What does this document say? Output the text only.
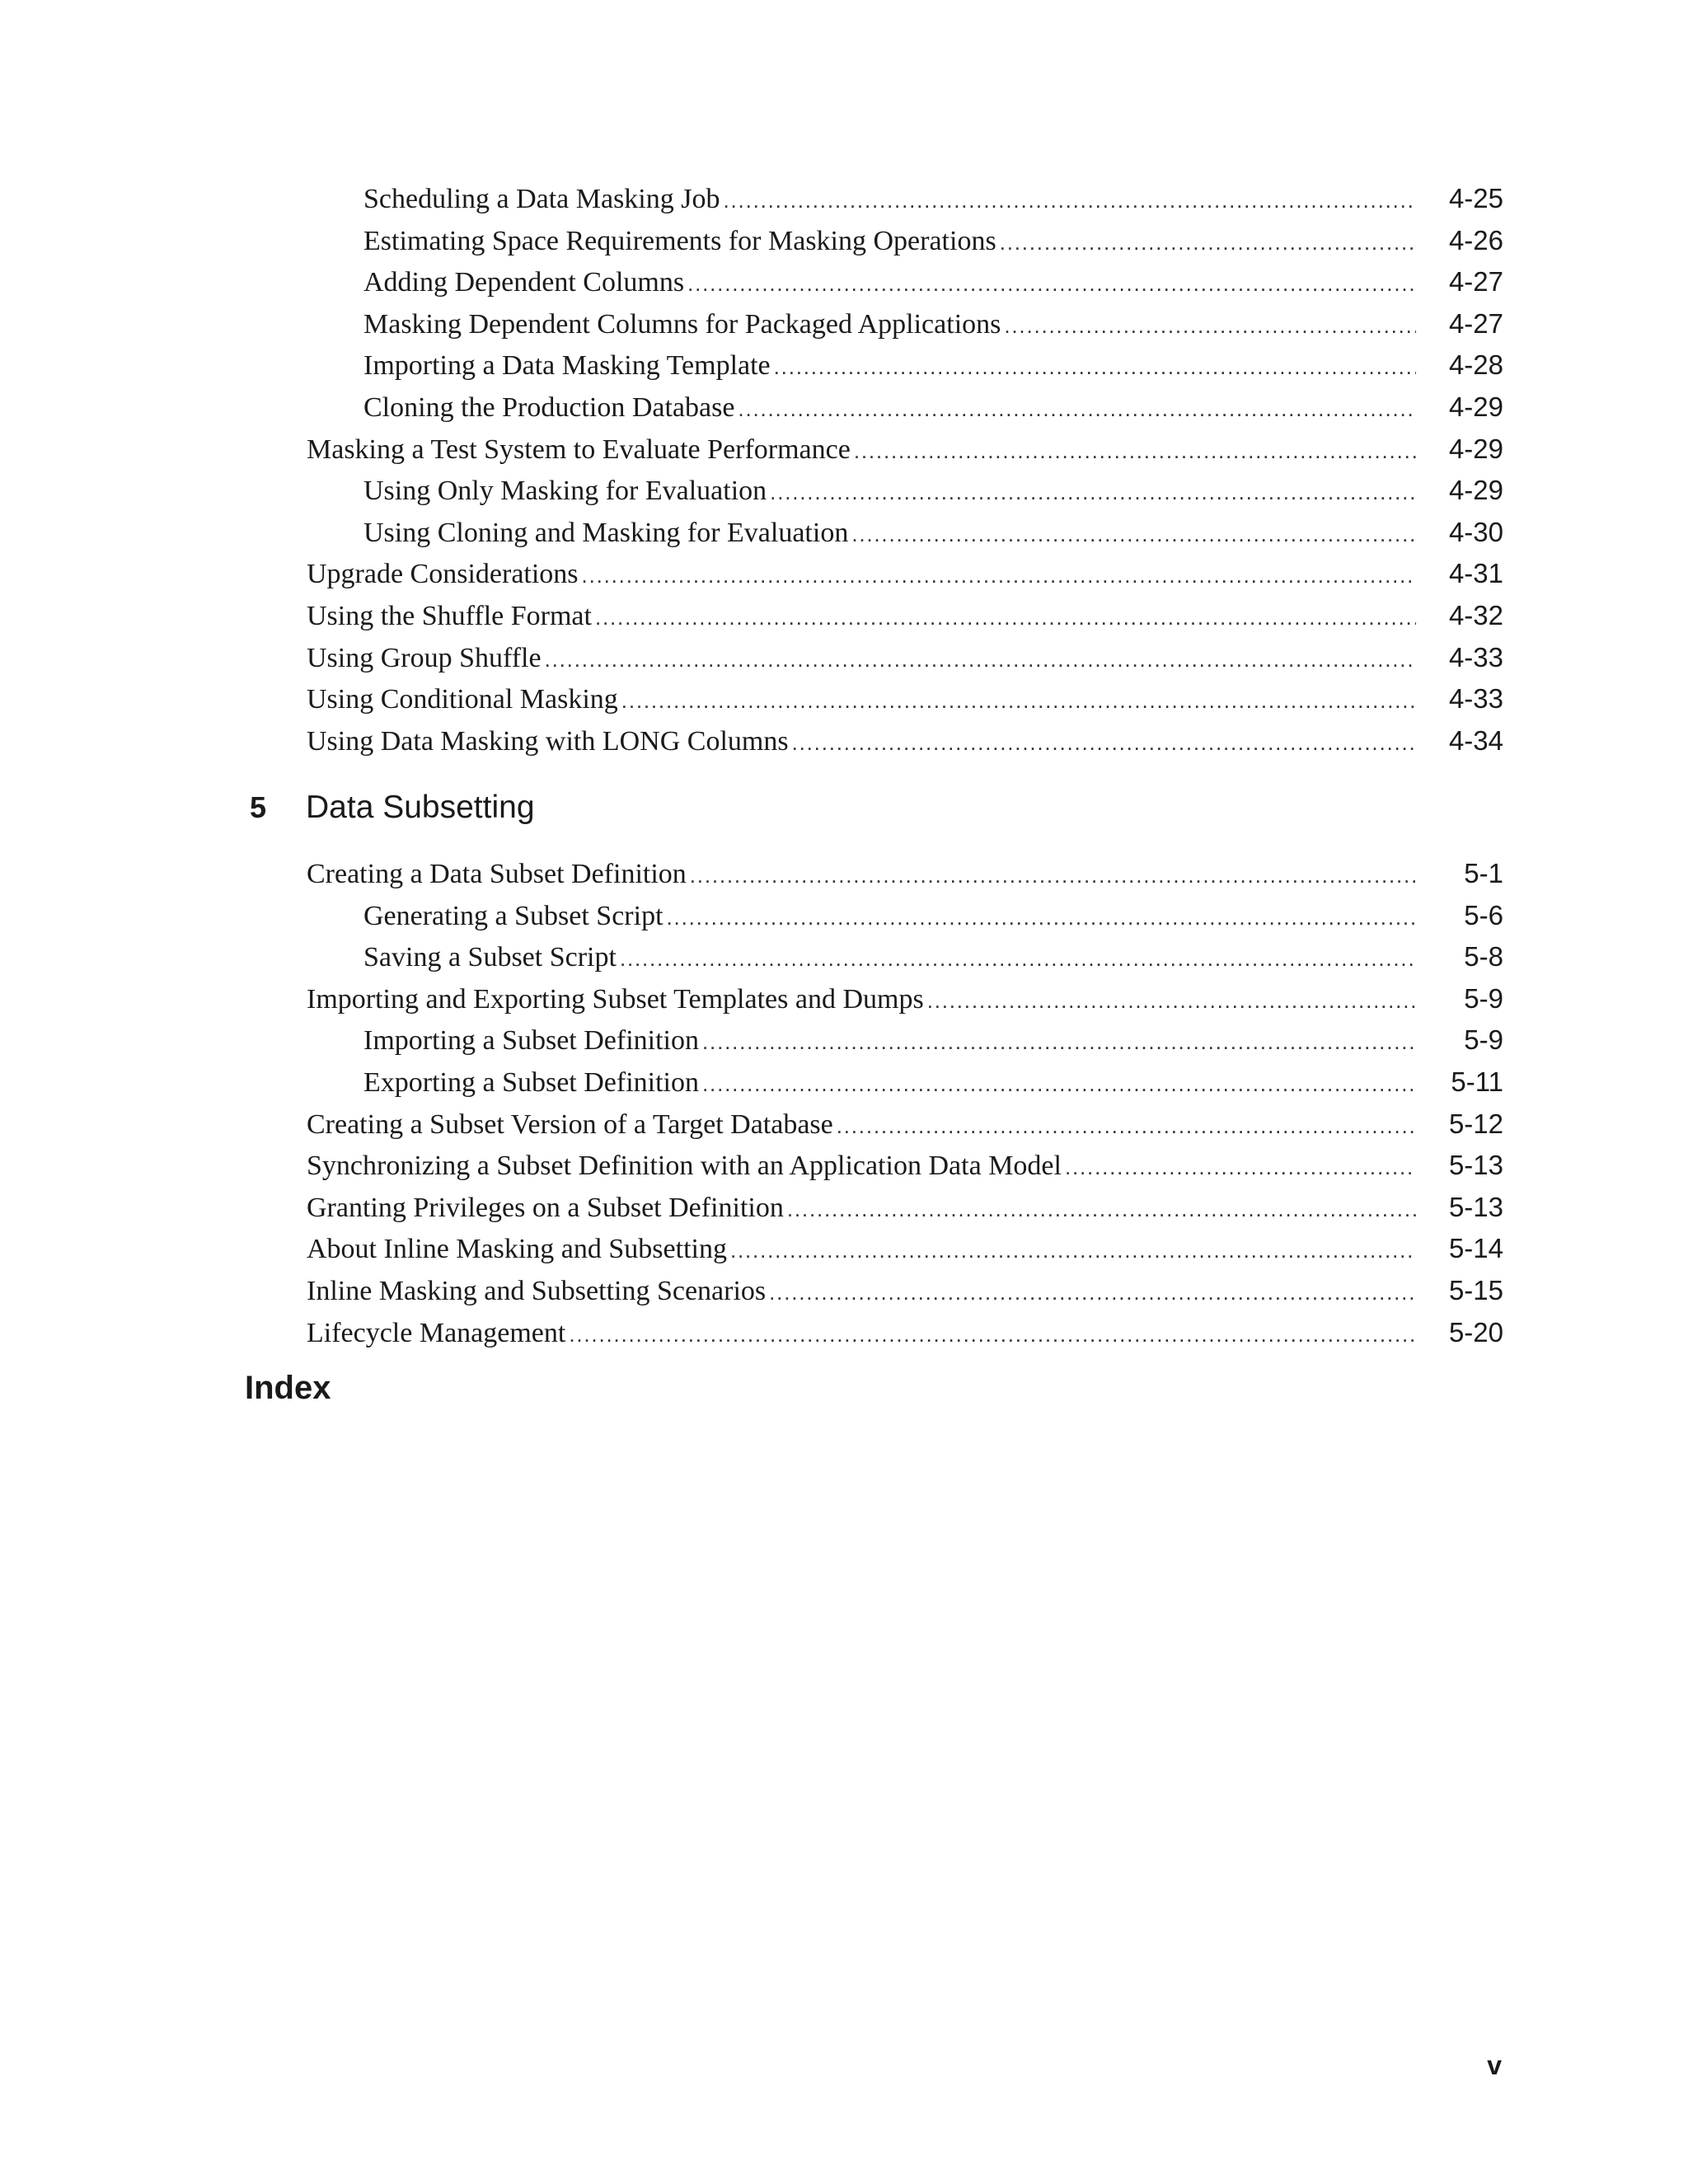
Scheduling a Data Masking Job .....	4-25
Estimating Space Requirements for Masking Operations .....	4-26
Adding Dependent Columns .....	4-27
Masking Dependent Columns for Packaged Applications .....	4-27
Importing a Data Masking Template .....	4-28
Cloning the Production Database .....	4-29
Masking a Test System to Evaluate Performance .....	4-29
Using Only Masking for Evaluation .....	4-29
Using Cloning and Masking for Evaluation .....	4-30
Upgrade Considerations .....	4-31
Using the Shuffle Format .....	4-32
Using Group Shuffle .....	4-33
Using Conditional Masking .....	4-33
Using Data Masking with LONG Columns .....	4-34
5	Data Subsetting
Creating a Data Subset Definition .....	5-1
Generating a Subset Script .....	5-6
Saving a Subset Script .....	5-8
Importing and Exporting Subset Templates and Dumps .....	5-9
Importing a Subset Definition .....	5-9
Exporting a Subset Definition .....	5-11
Creating a Subset Version of a Target Database .....	5-12
Synchronizing a Subset Definition with an Application Data Model .....	5-13
Granting Privileges on a Subset Definition .....	5-13
About Inline Masking and Subsetting .....	5-14
Inline Masking and Subsetting Scenarios .....	5-15
Lifecycle Management .....	5-20
Index
v
